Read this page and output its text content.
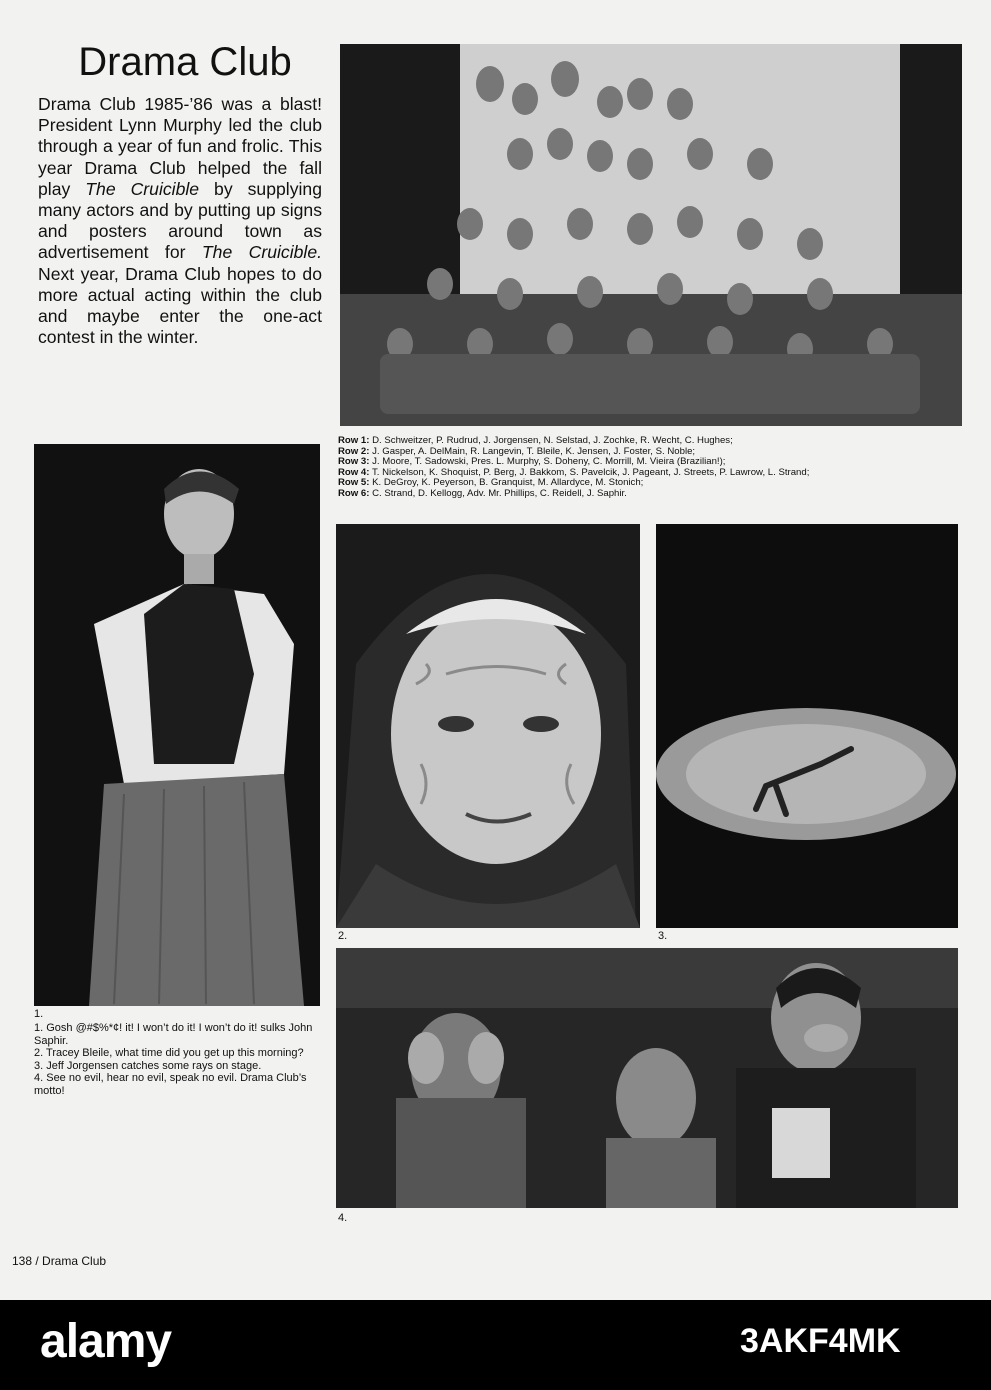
Drama Club

Drama Club 1985-’86 was a blast! President Lynn Murphy led the club through a year of fun and frolic. This year Drama Club helped the fall play The Cruicible by supplying many actors and by putting up signs and posters around town as advertisement for The Cruicible. Next year, Drama Club hopes to do more actual acting within the club and maybe enter the one-act contest in the winter.

Row 1: D. Schweitzer, P. Rudrud, J. Jorgensen, N. Selstad, J. Zochke, R. Wecht, C. Hughes;
Row 2: J. Gasper, A. DelMain, R. Langevin, T. Bleile, K. Jensen, J. Foster, S. Noble;
Row 3: J. Moore, T. Sadowski, Pres. L. Murphy, S. Doheny, C. Morrill, M. Vieira (Brazilian!);
Row 4: T. Nickelson, K. Shoquist, P. Berg, J. Bakkom, S. Pavelcik, J. Pageant, J. Streets, P. Lawrow, L. Strand;
Row 5: K. DeGroy, K. Peyerson, B. Granquist, M. Allardyce, M. Stonich;
Row 6: C. Strand, D. Kellogg, Adv. Mr. Phillips, C. Reidell, J. Saphir.

1.
2.	3.
4.
1. Gosh @#$%*¢! it! I won’t do it! I won’t do it! sulks John Saphir.
2. Tracey Bleile, what time did you get up this morning?
3. Jeff Jorgensen catches some rays on stage.
4. See no evil, hear no evil, speak no evil. Drama Club’s motto!
138 / Drama Club
alamy	3AKF4MK
